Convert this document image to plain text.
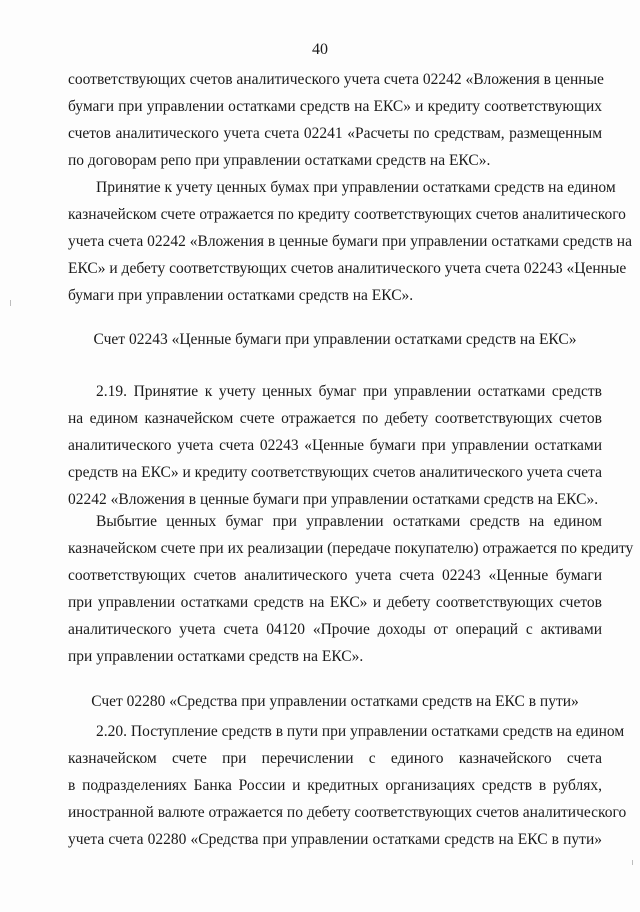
40
соответствующих счетов аналитического учета счета 02242 «Вложения в ценные
бумаги при управлении остатками средств на ЕКС» и кредиту соответствующих
счетов аналитического учета счета 02241 «Расчеты по средствам, размещенным
по договорам репо при управлении остатками средств на ЕКС».
Принятие к учету ценных бумах при управлении остатками средств на едином
казначейском счете отражается по кредиту соответствующих счетов аналитического
учета счета 02242 «Вложения в ценные бумаги при управлении остатками средств на
ЕКС» и дебету соответствующих счетов аналитического учета счета 02243 «Ценные
бумаги при управлении остатками средств на ЕКС».
Счет 02243 «Ценные бумаги при управлении остатками средств на ЕКС»
2.19. Принятие к учету ценных бумаг при управлении остатками средств
на едином казначейском счете отражается по дебету соответствующих счетов
аналитического учета счета 02243 «Ценные бумаги при управлении остатками
средств на ЕКС» и кредиту соответствующих счетов аналитического учета счета
02242 «Вложения в ценные бумаги при управлении остатками средств на ЕКС».
Выбытие ценных бумаг при управлении остатками средств на едином
казначейском счете при их реализации (передаче покупателю) отражается по кредиту
соответствующих счетов аналитического учета счета 02243 «Ценные бумаги
при управлении остатками средств на ЕКС» и дебету соответствующих счетов
аналитического учета счета 04120 «Прочие доходы от операций с активами
при управлении остатками средств на ЕКС».
Счет 02280 «Средства при управлении остатками средств на ЕКС в пути»
2.20. Поступление средств в пути при управлении остатками средств на едином
казначейском счете при перечислении с единого казначейского счета
в подразделениях Банка России и кредитных организациях средств в рублях,
иностранной валюте отражается по дебету соответствующих счетов аналитического
учета счета 02280 «Средства при управлении остатками средств на ЕКС в пути»
